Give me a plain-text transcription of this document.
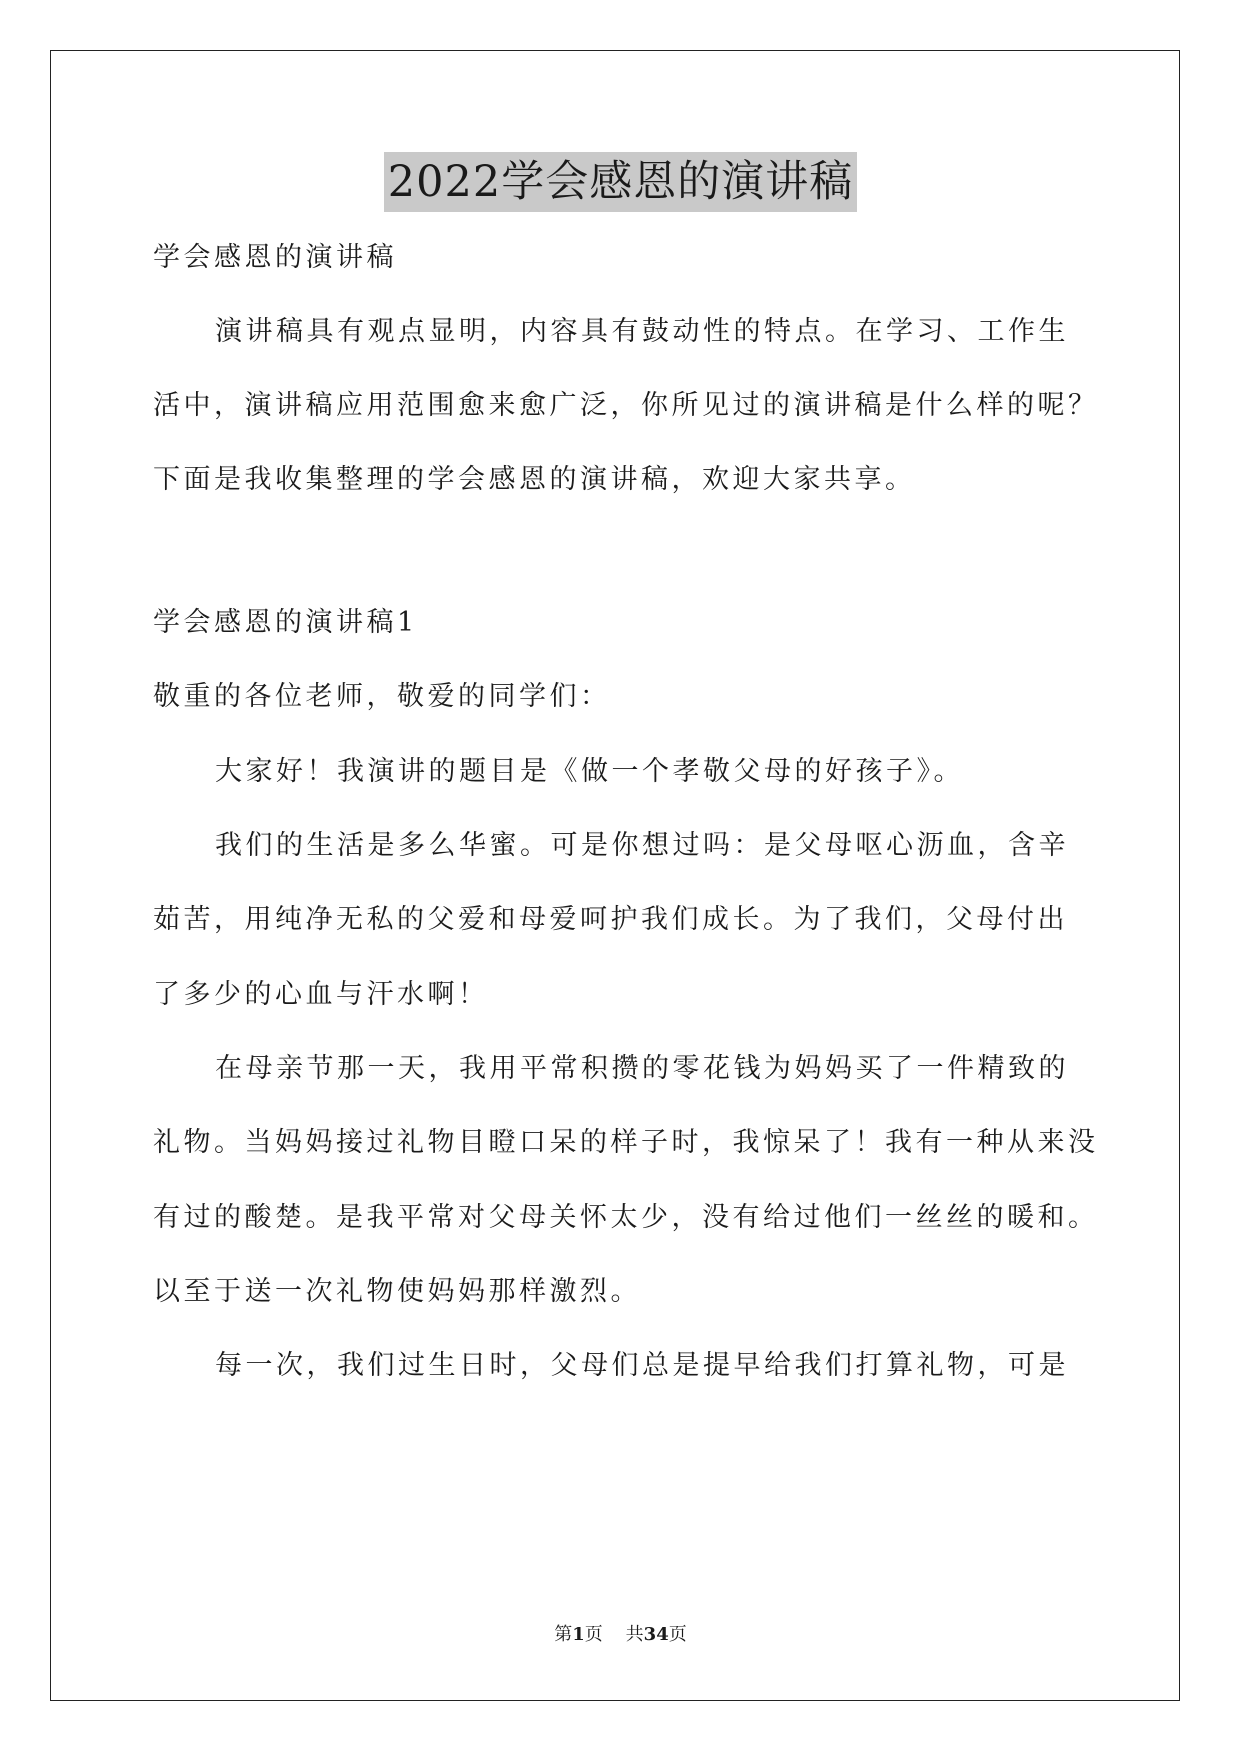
2022学会感恩的演讲稿

学会感恩的演讲稿

演讲稿具有观点显明，内容具有鼓动性的特点。在学习、工作生

活中，演讲稿应用范围愈来愈广泛，你所见过的演讲稿是什么样的呢？

下面是我收集整理的学会感恩的演讲稿，欢迎大家共享。

学会感恩的演讲稿1

敬重的各位老师，敬爱的同学们：

大家好！我演讲的题目是《做一个孝敬父母的好孩子》。

我们的生活是多么华蜜。可是你想过吗：是父母呕心沥血，含辛

茹苦，用纯净无私的父爱和母爱呵护我们成长。为了我们，父母付出

了多少的心血与汗水啊！

在母亲节那一天，我用平常积攒的零花钱为妈妈买了一件精致的

礼物。当妈妈接过礼物目瞪口呆的样子时，我惊呆了！我有一种从来没

有过的酸楚。是我平常对父母关怀太少，没有给过他们一丝丝的暖和。

以至于送一次礼物使妈妈那样激烈。

每一次，我们过生日时，父母们总是提早给我们打算礼物，可是

第1页 共34页
